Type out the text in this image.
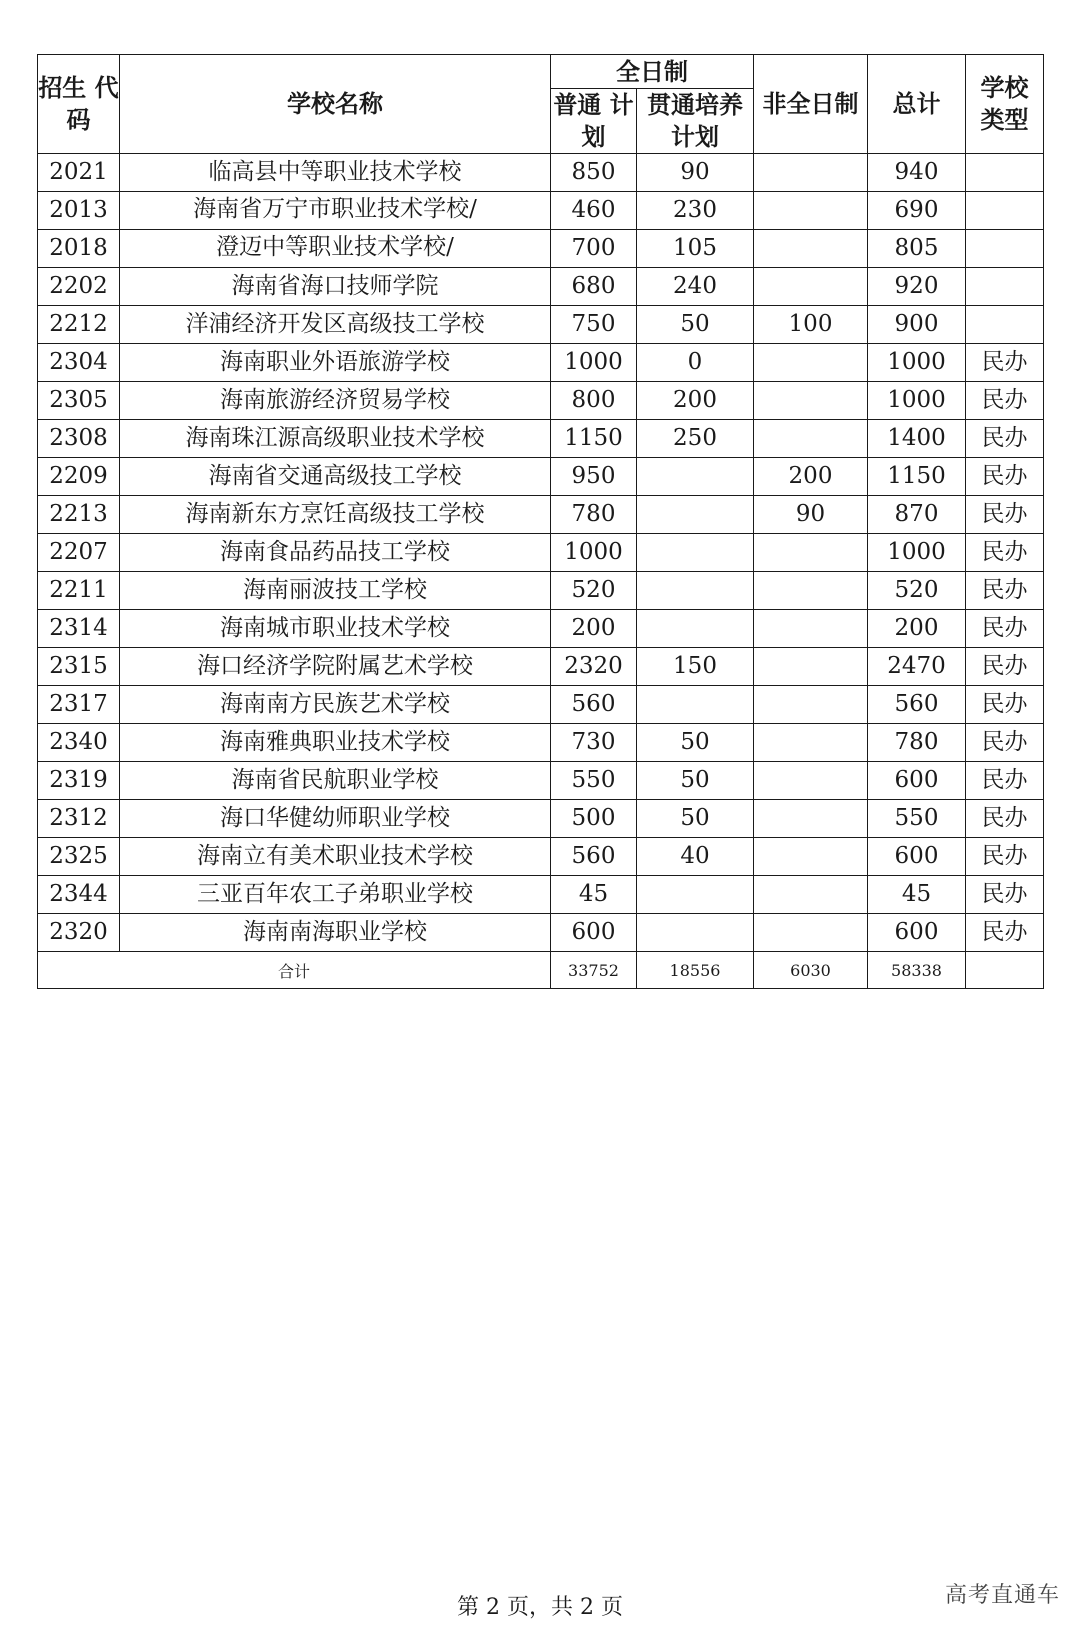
招生 代码	学校名称	全日制		非全日制	总计	学校 类型
		普通 计划	贯通培养 计划			
2021	临高县中等职业技术学校	850	90		940	
2013	海南省万宁市职业技术学校/	460	230		690	
2018	澄迈中等职业技术学校/	700	105		805	
2202	海南省海口技师学院	680	240		920	
2212	洋浦经济开发区高级技工学校	750	50	100	900	
2304	海南职业外语旅游学校	1000	0		1000	民办
2305	海南旅游经济贸易学校	800	200		1000	民办
2308	海南珠江源高级职业技术学校	1150	250		1400	民办
2209	海南省交通高级技工学校	950		200	1150	民办
2213	海南新东方烹饪高级技工学校	780		90	870	民办
2207	海南食品药品技工学校	1000			1000	民办
2211	海南丽波技工学校	520			520	民办
2314	海南城市职业技术学校	200			200	民办
2315	海口经济学院附属艺术学校	2320	150		2470	民办
2317	海南南方民族艺术学校	560			560	民办
2340	海南雅典职业技术学校	730	50		780	民办
2319	海南省民航职业学校	550	50		600	民办
2312	海口华健幼师职业学校	500	50		550	民办
2325	海南立有美术职业技术学校	560	40		600	民办
2344	三亚百年农工子弟职业学校	45			45	民办
2320	海南南海职业学校	600			600	民办
合计		33752	18556	6030	58338	
第 2 页，共 2 页	高考直通车
